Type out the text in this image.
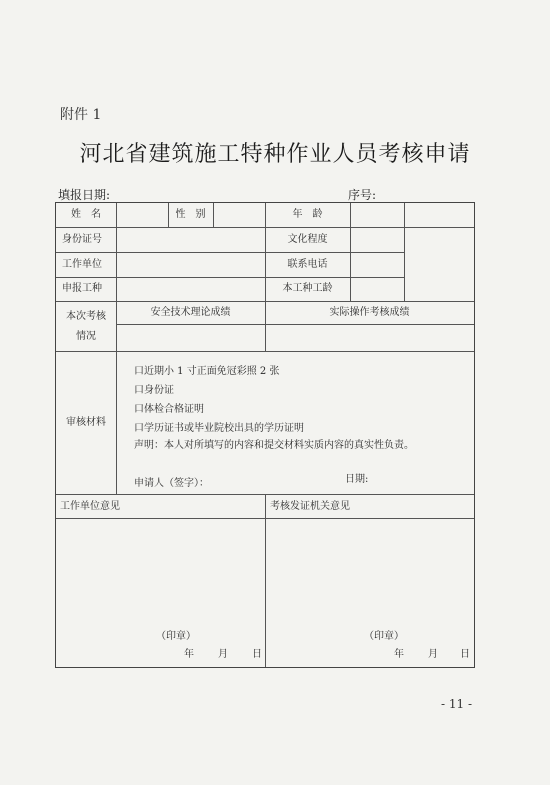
附件 1
河北省建筑施工特种作业人员考核申请
填报日期:	序号:
姓　名	性　别	年　龄
身份证号	文化程度
工作单位	联系电话
申报工种	本工种工龄
本次考核
情况
安全技术理论成绩	实际操作考核成绩
审核材料
口近期小 1 寸正面免冠彩照 2 张
口身份证
口体检合格证明
口学历证书或毕业院校出具的学历证明
声明：本人对所填写的内容和提交材料实质内容的真实性负责。
申请人（签字）：	日期:
工作单位意见	考核发证机关意见
（印章）
年 月 日
（印章）
年 月 日
- 11 -
